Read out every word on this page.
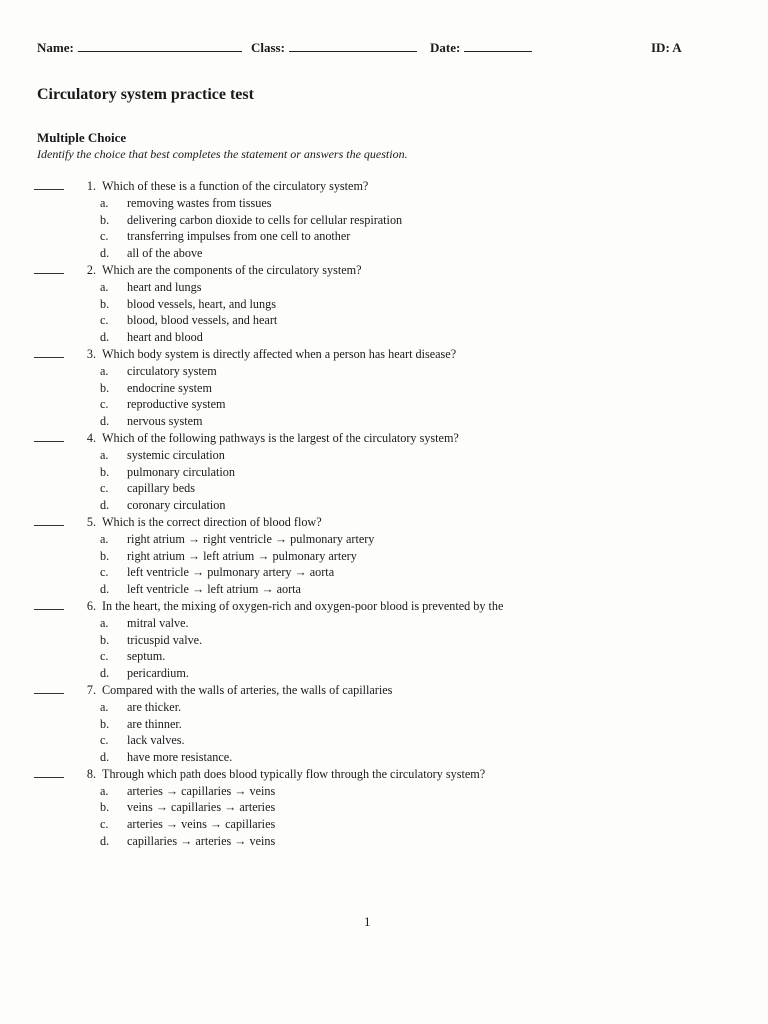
Name:	Class:	Date:	ID: A
Circulatory system practice test
Multiple Choice
Identify the choice that best completes the statement or answers the question.
1. Which of these is a function of the circulatory system?
a.	removing wastes from tissues
b.	delivering carbon dioxide to cells for cellular respiration
c.	transferring impulses from one cell to another
d.	all of the above
2. Which are the components of the circulatory system?
a.	heart and lungs
b.	blood vessels, heart, and lungs
c.	blood, blood vessels, and heart
d.	heart and blood
3. Which body system is directly affected when a person has heart disease?
a.	circulatory system
b.	endocrine system
c.	reproductive system
d.	nervous system
4. Which of the following pathways is the largest of the circulatory system?
a.	systemic circulation
b.	pulmonary circulation
c.	capillary beds
d.	coronary circulation
5. Which is the correct direction of blood flow?
a.	right atrium → right ventricle → pulmonary artery
b.	right atrium → left atrium → pulmonary artery
c.	left ventricle → pulmonary artery → aorta
d.	left ventricle → left atrium → aorta
6. In the heart, the mixing of oxygen-rich and oxygen-poor blood is prevented by the
a.	mitral valve.
b.	tricuspid valve.
c.	septum.
d.	pericardium.
7. Compared with the walls of arteries, the walls of capillaries
a.	are thicker.
b.	are thinner.
c.	lack valves.
d.	have more resistance.
8. Through which path does blood typically flow through the circulatory system?
a.	arteries → capillaries → veins
b.	veins → capillaries → arteries
c.	arteries → veins → capillaries
d.	capillaries → arteries → veins
1
